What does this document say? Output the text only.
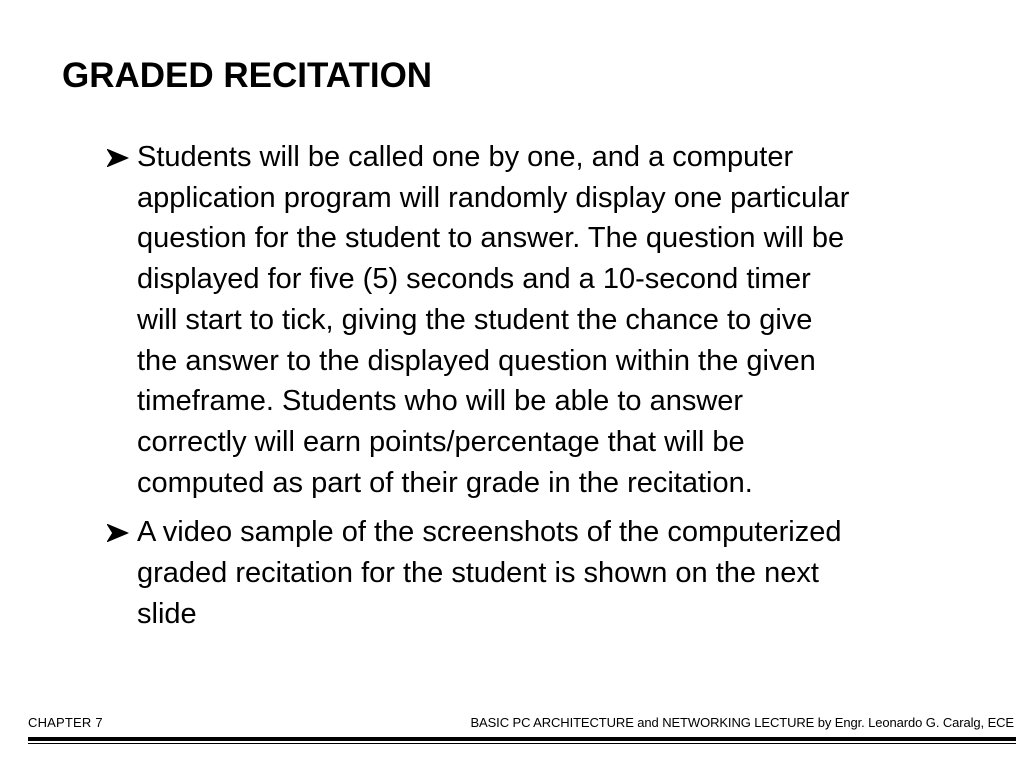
GRADED RECITATION
Students will be called one by one, and a computer
application program will randomly display one particular
question for the student to answer. The question will be
displayed for five (5) seconds and a 10-second timer
will start to tick, giving the student the chance to give
the answer to the displayed question within the given
timeframe. Students who will be able to answer
correctly will earn points/percentage that will be
computed as part of their grade in the recitation.
A video sample of the screenshots of the computerized
graded recitation for the student is shown on the next
slide
CHAPTER 7	BASIC PC ARCHITECTURE and NETWORKING LECTURE by Engr. Leonardo G. Caralg, ECE
